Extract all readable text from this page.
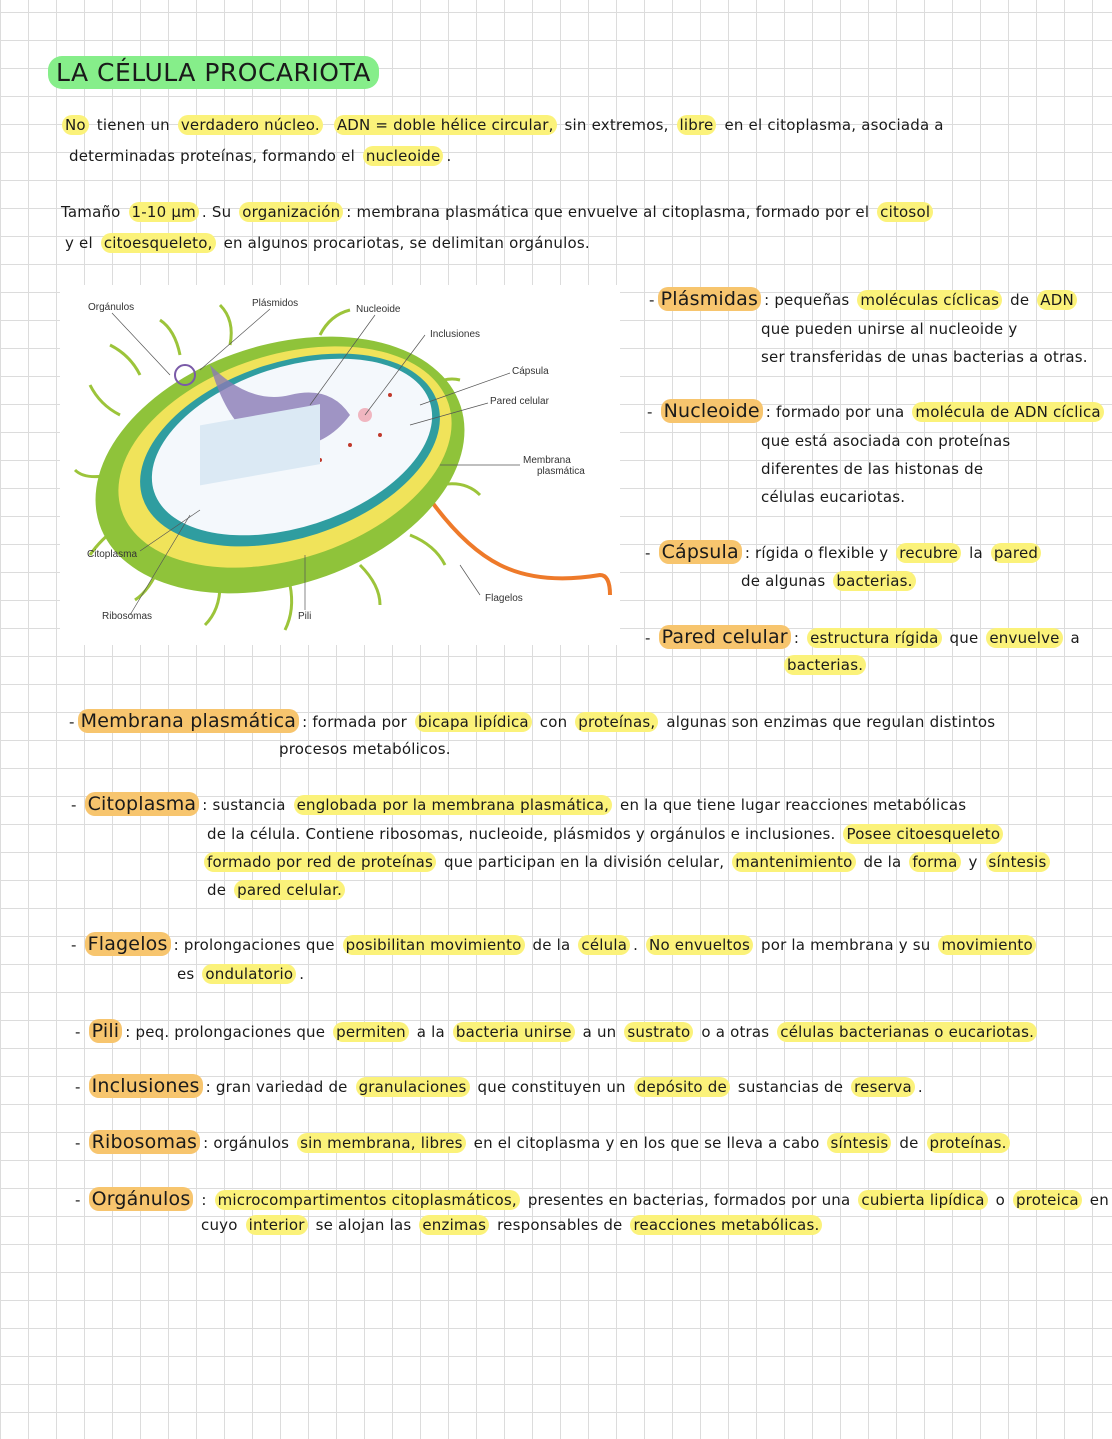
LA CÉLULA PROCARIOTA
Orgánulos	Plásmidos
Nucleoide
Inclusiones
Cápsula
Pared celular
Membrana
plasmática
Citoplasma
Ribosomas	Pili
Flagelos
No tienen un verdadero núcleo. ADN = doble hélice circular, sin extremos, libre en el citoplasma, asociada a
determinadas proteínas, formando el nucleoide .
Tamaño 1-10 µm . Su organización : membrana plasmática que envuelve al citoplasma, formado por el citosol
y el citoesqueleto, en algunos procariotas, se delimitan orgánulos.
- Plásmidas : pequeñas moléculas cíclicas de ADN
que pueden unirse al nucleoide y
ser transferidas de unas bacterias a otras.
- Nucleoide : formado por una molécula de ADN cíclica
que está asociada con proteínas
diferentes de las histonas de
células eucariotas.
- Cápsula : rígida o flexible y recubre la pared
de algunas bacterias.
- Pared celular : estructura rígida que envuelve a
bacterias.
- Membrana plasmática : formada por bicapa lipídica con proteínas, algunas son enzimas que regulan distintos
procesos metabólicos.
- Citoplasma : sustancia englobada por la membrana plasmática, en la que tiene lugar reacciones metabólicas
de la célula. Contiene ribosomas, nucleoide, plásmidos y orgánulos e inclusiones. Posee citoesqueleto
formado por red de proteínas que participan en la división celular, mantenimiento de la forma y síntesis
de pared celular.
- Flagelos : prolongaciones que posibilitan movimiento de la célula . No envueltos por la membrana y su movimiento
es ondulatorio .
- Pili : peq. prolongaciones que permiten a la bacteria unirse a un sustrato o a otras células bacterianas o eucariotas.
- Inclusiones : gran variedad de granulaciones que constituyen un depósito de sustancias de reserva .
- Ribosomas : orgánulos sin membrana, libres en el citoplasma y en los que se lleva a cabo síntesis de proteínas.
- Orgánulos : microcompartimentos citoplasmáticos, presentes en bacterias, formados por una cubierta lipídica o proteica en
cuyo interior se alojan las enzimas responsables de reacciones metabólicas.
